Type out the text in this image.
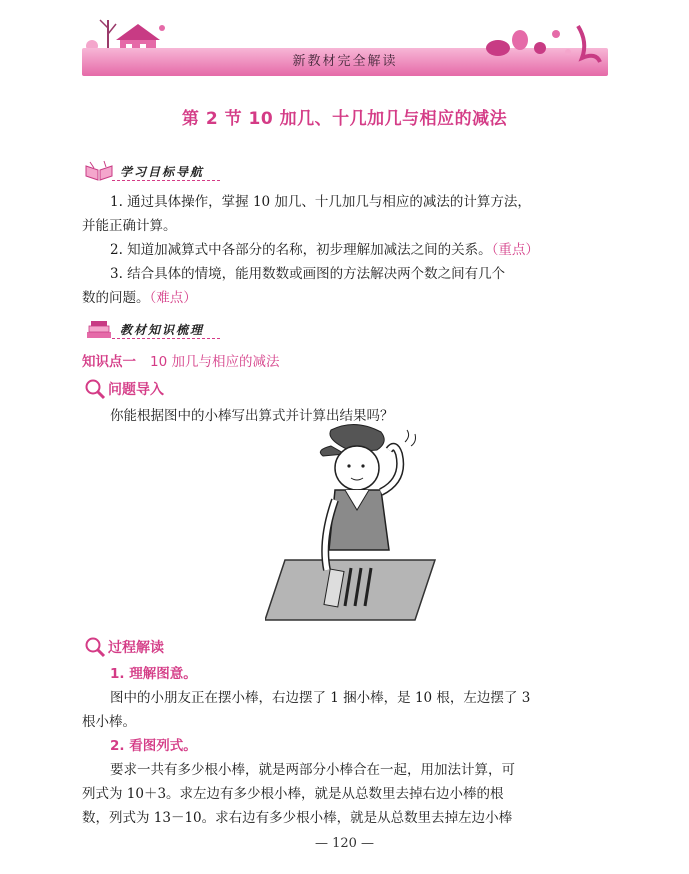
新教材完全解读
第 2 节 10 加几、十几加几与相应的减法
学习目标导航

1. 通过具体操作，掌握 10 加几、十几加几与相应的减法的计算方法，

并能正确计算。

2. 知道加减算式中各部分的名称，初步理解加减法之间的关系。（重点）

3. 结合具体的情境，能用数数或画图的方法解决两个数之间有几个

数的问题。（难点）

教材知识梳理
知识点一 10 加几与相应的减法
问题导入

你能根据图中的小棒写出算式并计算出结果吗？

过程解读

1. 理解图意。

图中的小朋友正在摆小棒，右边摆了 1 捆小棒，是 10 根，左边摆了 3

根小棒。

2. 看图列式。

要求一共有多少根小棒，就是两部分小棒合在一起，用加法计算，可

列式为 10＋3。求左边有多少根小棒，就是从总数里去掉右边小棒的根

数，列式为 13－10。求右边有多少根小棒，就是从总数里去掉左边小棒

— 120 —
